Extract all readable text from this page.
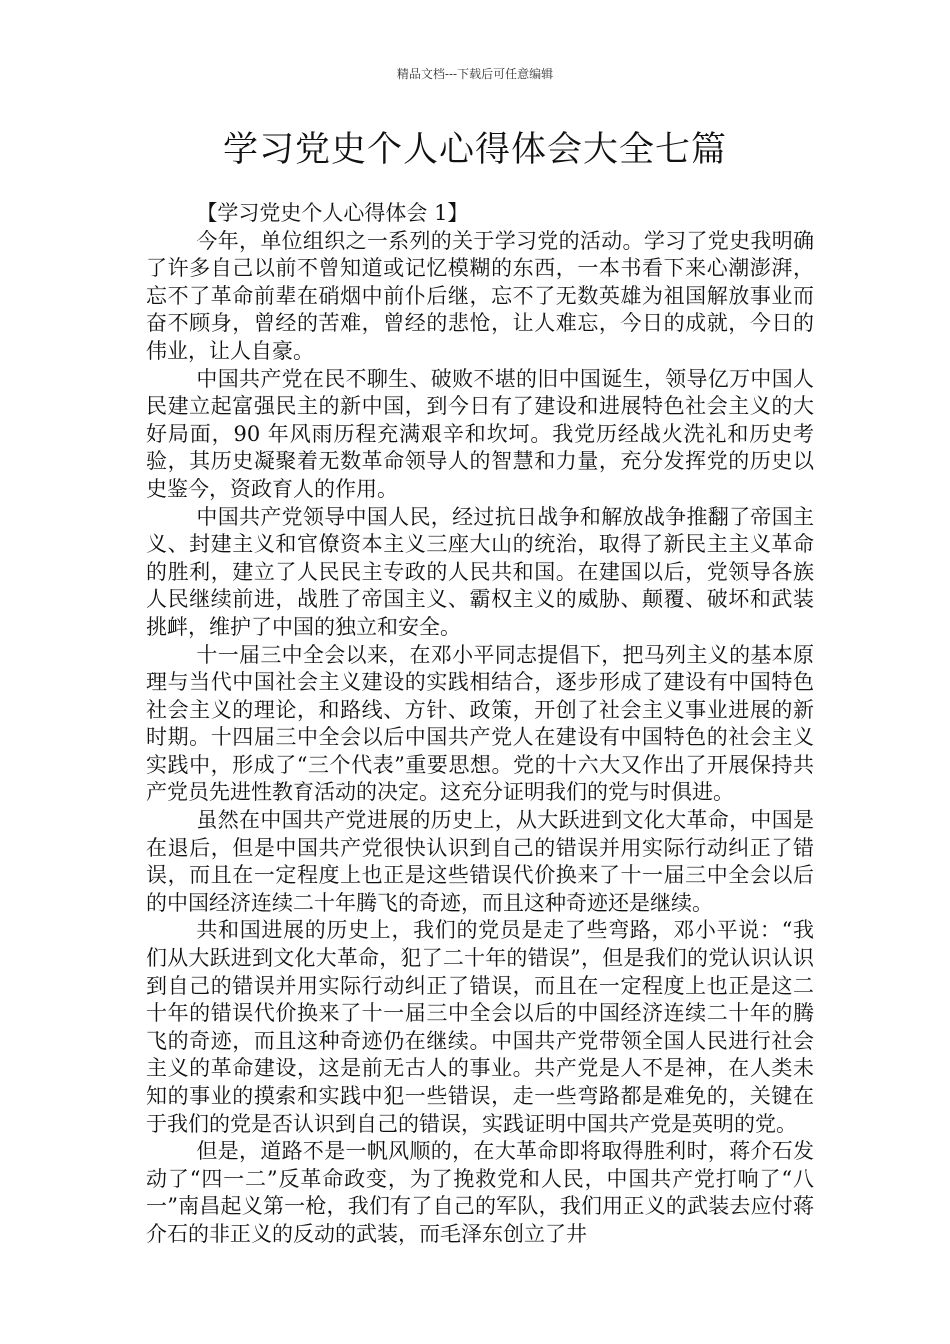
精品文档---下载后可任意编辑
学习党史个人心得体会大全七篇

【学习党史个人心得体会 1】

今年，单位组织之一系列的关于学习党的活动。学习了党史我明确了许多自己以前不曾知道或记忆模糊的东西，一本书看下来心潮澎湃，忘不了革命前辈在硝烟中前仆后继，忘不了无数英雄为祖国解放事业而奋不顾身，曾经的苦难，曾经的悲怆，让人难忘，今日的成就，今日的伟业，让人自豪。

中国共产党在民不聊生、破败不堪的旧中国诞生，领导亿万中国人民建立起富强民主的新中国，到今日有了建设和进展特色社会主义的大好局面，90 年风雨历程充满艰辛和坎坷。我党历经战火洗礼和历史考验，其历史凝聚着无数革命领导人的智慧和力量，充分发挥党的历史以史鉴今，资政育人的作用。

中国共产党领导中国人民，经过抗日战争和解放战争推翻了帝国主义、封建主义和官僚资本主义三座大山的统治，取得了新民主主义革命的胜利，建立了人民民主专政的人民共和国。在建国以后，党领导各族人民继续前进，战胜了帝国主义、霸权主义的威胁、颠覆、破坏和武装挑衅，维护了中国的独立和安全。

十一届三中全会以来，在邓小平同志提倡下，把马列主义的基本原理与当代中国社会主义建设的实践相结合，逐步形成了建设有中国特色社会主义的理论，和路线、方针、政策，开创了社会主义事业进展的新时期。十四届三中全会以后中国共产党人在建设有中国特色的社会主义实践中，形成了“三个代表”重要思想。党的十六大又作出了开展保持共产党员先进性教育活动的决定。这充分证明我们的党与时俱进。

虽然在中国共产党进展的历史上，从大跃进到文化大革命，中国是在退后，但是中国共产党很快认识到自己的错误并用实际行动纠正了错误，而且在一定程度上也正是这些错误代价换来了十一届三中全会以后的中国经济连续二十年腾飞的奇迹，而且这种奇迹还是继续。

共和国进展的历史上，我们的党员是走了些弯路，邓小平说：“我们从大跃进到文化大革命，犯了二十年的错误”，但是我们的党认识认识到自己的错误并用实际行动纠正了错误，而且在一定程度上也正是这二十年的错误代价换来了十一届三中全会以后的中国经济连续二十年的腾飞的奇迹，而且这种奇迹仍在继续。中国共产党带领全国人民进行社会主义的革命建设，这是前无古人的事业。共产党是人不是神，在人类未知的事业的摸索和实践中犯一些错误，走一些弯路都是难免的，关键在于我们的党是否认识到自己的错误，实践证明中国共产党是英明的党。

但是，道路不是一帆风顺的，在大革命即将取得胜利时，蒋介石发动了“四一二”反革命政变，为了挽救党和人民，中国共产党打响了“八一”南昌起义第一枪，我们有了自己的军队，我们用正义的武装去应付蒋介石的非正义的反动的武装，而毛泽东创立了井
